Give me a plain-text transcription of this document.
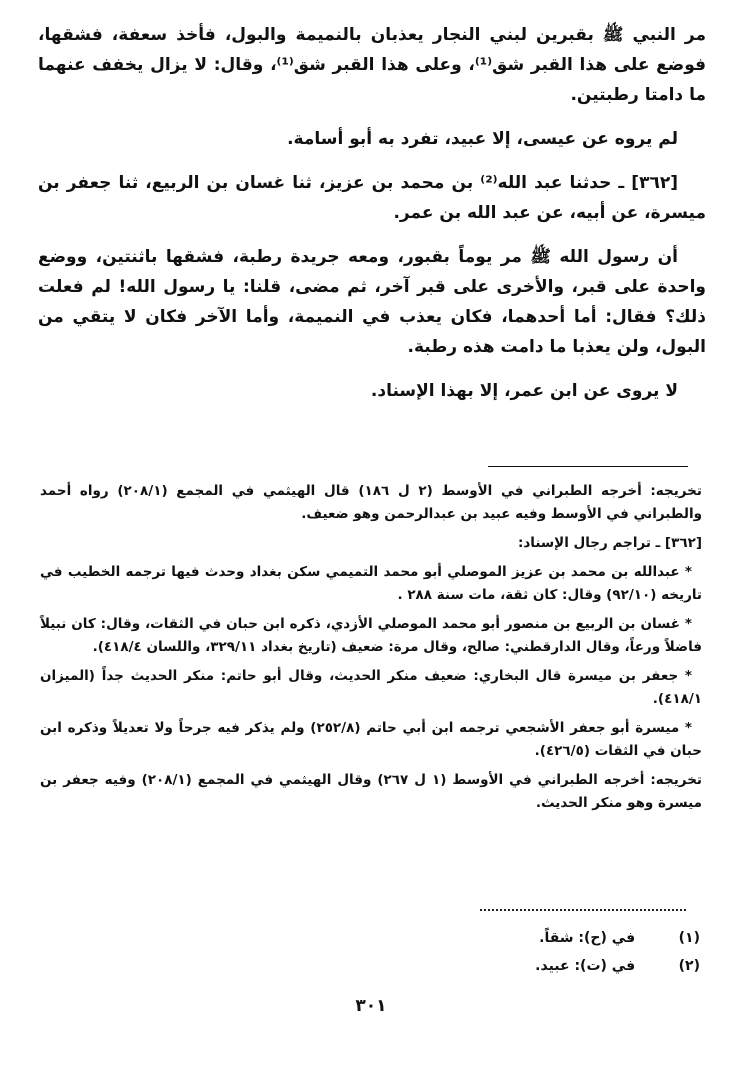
مر النبي ﷺ بقبرين لبني النجار يعذبان بالنميمة والبول، فأخذ سعفة، فشقها، فوضع على هذا القبر شق⁽¹⁾، وعلى هذا القبر شق⁽¹⁾، وقال: لا يزال يخفف عنهما ما دامتا رطبتين.

لم يروه عن عيسى، إلا عبيد، تفرد به أبو أسامة.

[٣٦٢] ـ حدثنا عبد الله⁽²⁾ بن محمد بن عزيز، ثنا غسان بن الربيع، ثنا جعفر بن ميسرة، عن أبيه، عن عبد الله بن عمر.

أن رسول الله ﷺ مر يوماً بقبور، ومعه جريدة رطبة، فشقها باثنتين، ووضع واحدة على قبر، والأخرى على قبر آخر، ثم مضى، قلنا: يا رسول الله! لم فعلت ذلك؟ فقال: أما أحدهما، فكان يعذب في النميمة، وأما الآخر فكان لا يتقي من البول، ولن يعذبا ما دامت هذه رطبة.

لا يروى عن ابن عمر، إلا بهذا الإسناد.

تخريجه: أخرجه الطبراني في الأوسط (٢ ل ١٨٦) قال الهيثمي في المجمع (٢٠٨/١) رواه أحمد والطبراني في الأوسط وفيه عبيد بن عبدالرحمن وهو ضعيف.

[٣٦٢] ـ تراجم رجال الإسناد:

* عبدالله بن محمد بن عزيز الموصلي أبو محمد التميمي سكن بغداد وحدث فيها ترجمه الخطيب في تاريخه (٩٢/١٠) وقال: كان ثقة، مات سنة ٢٨٨ .

* غسان بن الربيع بن منصور أبو محمد الموصلي الأزدي، ذكره ابن حبان في الثقات، وقال: كان نبيلاً فاضلاً ورعاً، وقال الدارقطني: صالح، وقال مرة: ضعيف (تاريخ بغداد ٣٢٩/١١، واللسان ٤١٨/٤).

* جعفر بن ميسرة قال البخاري: ضعيف منكر الحديث، وقال أبو حاتم: منكر الحديث جداً (الميزان ٤١٨/١).

* ميسرة أبو جعفر الأشجعي ترجمه ابن أبي حاتم (٢٥٢/٨) ولم يذكر فيه جرحاً ولا تعديلاً وذكره ابن حبان في الثقات (٤٢٦/٥).

تخريجه: أخرجه الطبراني في الأوسط (١ ل ٢٦٧) وقال الهيثمي في المجمع (٢٠٨/١) وفيه جعفر بن ميسرة وهو منكر الحديث.

(١) في (ح): شقاً.
(٢) في (ت): عبيد.
٣٠١
